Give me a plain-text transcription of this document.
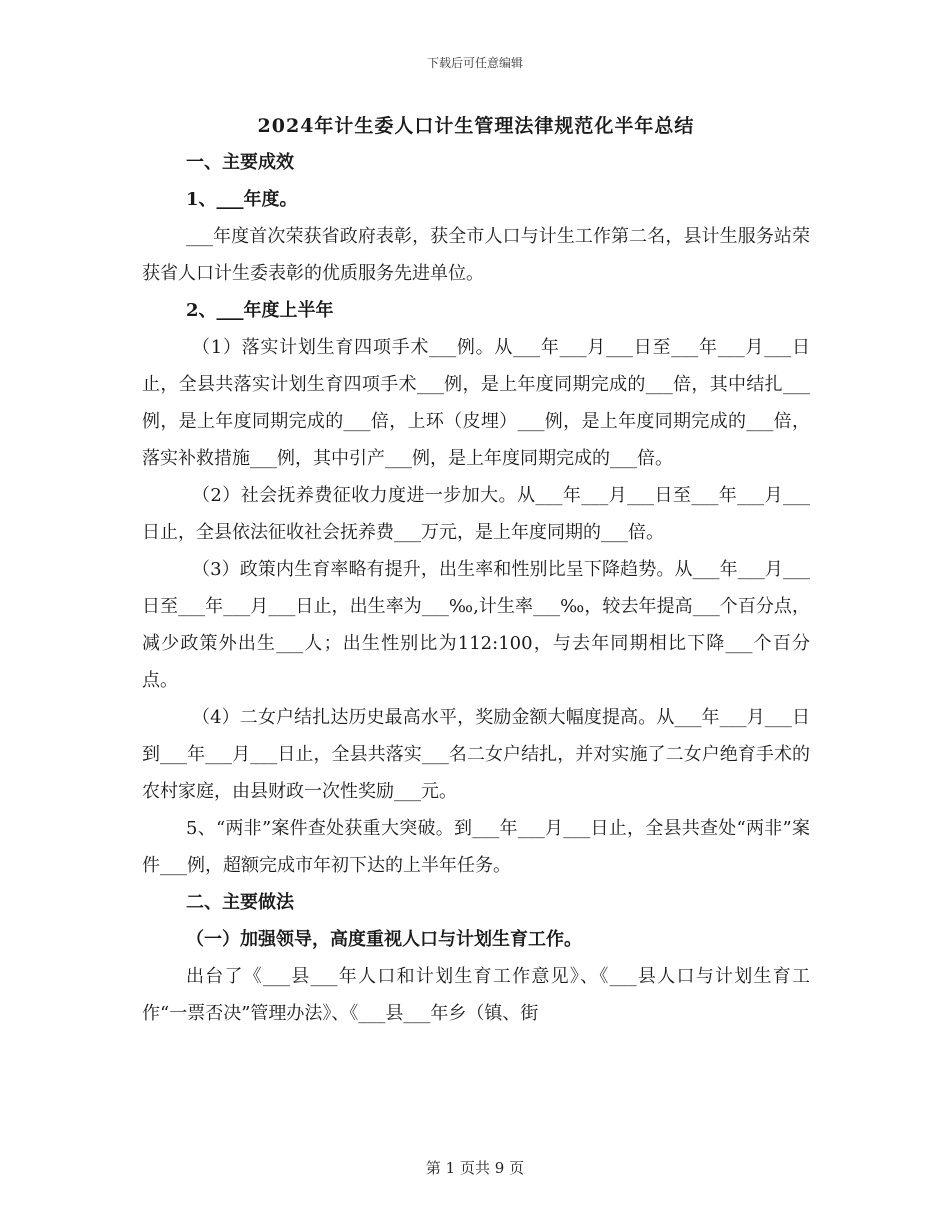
下载后可任意编辑
2024年计生委人口计生管理法律规范化半年总结
一、主要成效
1、___年度。

___年度首次荣获省政府表彰，获全市人口与计生工作第二名，县计生服务站荣获省人口计生委表彰的优质服务先进单位。

2、___年度上半年

（1）落实计划生育四项手术___例。从___年___月___日至___年___月___日止，全县共落实计划生育四项手术___例，是上年度同期完成的___倍，其中结扎___例，是上年度同期完成的___倍，上环（皮埋）___例，是上年度同期完成的___倍，落实补救措施___例，其中引产___例，是上年度同期完成的___倍。

（2）社会抚养费征收力度进一步加大。从___年___月___日至___年___月___日止，全县依法征收社会抚养费___万元，是上年度同期的___倍。

（3）政策内生育率略有提升，出生率和性别比呈下降趋势。从___年___月___日至___年___月___日止，出生率为___‰,计生率___‰，较去年提高___个百分点，减少政策外出生___人；出生性别比为112:100，与去年同期相比下降___个百分点。

（4）二女户结扎达历史最高水平，奖励金额大幅度提高。从___年___月___日到___年___月___日止，全县共落实___名二女户结扎，并对实施了二女户绝育手术的农村家庭，由县财政一次性奖励___元。

5、“两非”案件查处获重大突破。到___年___月___日止，全县共查处“两非”案件___例，超额完成市年初下达的上半年任务。

二、主要做法
（一）加强领导，高度重视人口与计划生育工作。

出台了《___县___年人口和计划生育工作意见》、《___县人口与计划生育工作“一票否决”管理办法》、《___县___年乡（镇、街

第 1 页共 9 页
